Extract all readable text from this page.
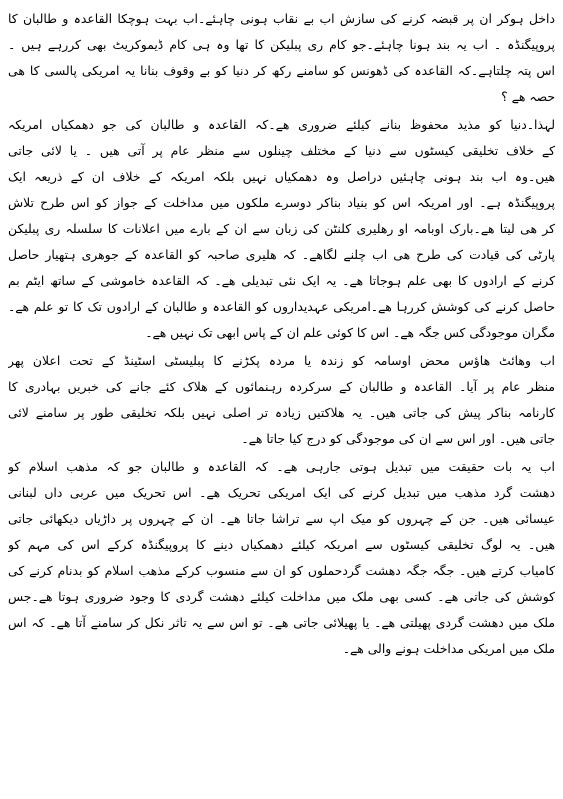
داخل ہوکر ان پر قبضہ کرنے کی سازش اب بے نقاب ہونی چاہئے۔اب بہت ہوچکا القاعدہ و طالبان کا
پروپیگنڈہ ۔ اب یہ بند ہونا چاہئے۔جو کام ری پبلیکن کا تھا وہ ہی کام ڈیموکریٹ بھی کررہے ہیں ۔
اس پتہ چلتاہے۔کہ القاعدہ کی ڈھونس کو سامنے رکھ کر دنیا کو بے وقوف بنانا یہ امریکی پالسی کا ھی
حصہ ھے ؟
لہذا۔دنیا کو مذید محفوظ بنانے کیلئے ضروری ھے۔کہ القاعدہ و طالبان کی جو دھمکیاں امریکہ
کے خلاف تخلیقی کیسٹوں سے دنیا کے مختلف چینلوں سے منظر عام پر آتی ھیں ۔ یا لائی جاتی
ھیں۔وہ اب بند ہونی چاہئیں دراصل وہ دھمکیاں نہیں بلکہ امریکہ کے خلاف ان کے ذریعہ ایک
پروپیگنڈہ ہے۔ اور امریکہ اس کو بنیاد بناکر دوسرے ملکوں میں مداخلت کے جواز کو اس طرح تلاش
کر ھی لیتا ھے۔بارک اوبامہ او رھلیری کلنٹن کی زبان سے ان کے بارے میں اعلانات کا سلسلہ ری پبلیکن
پارٹی کی قیادت کی طرح ھی اب چلنے لگاھے۔ کہ ھلیری صاحبہ کو القاعدہ کے جوھری ہتھیار حاصل
کرنے کے ارادوں کا بھی علم ہوجاتا ھے۔ یہ ایک نئی تبدیلی ھے۔ کہ القاعدہ خاموشی کے ساتھ ایٹم بم
حاصل کرنے کی کوشش کررہا ھے۔امریکی عہدیداروں کو القاعدہ و طالبان کے ارادوں تک کا تو علم ھے۔
مگران موجودگی کس جگہ ھے۔ اس کا کوئی علم ان کے پاس ابھی تک نہیں ھے۔
اب وھائٹ ھاؤس محض اوسامہ کو زندہ یا مردہ پکڑنے کا پبلیسٹی اسٹینڈ کے تحت اعلان پھر
منظر عام پر آیا۔ القاعدہ و طالبان کے سرکردہ رہنمائوں کے ھلاک کئے جانے کی خبریں بہادری کا
کارنامہ بناکر پیش کی جاتی ھیں۔ یہ ھلاکتیں زیادہ تر اصلی نہیں بلکہ تخلیقی طور پر سامنے لائی
جاتی ھیں۔ اور اس سے ان کی موجودگی کو درج کیا جاتا ھے۔
اب یہ بات حقیقت میں تبدیل ہوتی جارہی ھے۔ کہ القاعدہ و طالبان جو کہ مذھب اسلام کو
دھشت گرد مذھب میں تبدیل کرنے کی ایک امریکی تحریک ھے۔ اس تحریک میں عربی داں لبنانی
عیسائی ھیں۔ جن کے چہروں کو میک اپ سے تراشا جاتا ھے۔ ان کے چہروں پر داڑیاں دیکھائی جاتی
ھیں۔ یہ لوگ تخلیقی کیسٹوں سے امریکہ کیلئے دھمکیاں دینے کا پروپیگنڈہ کرکے اس کی مہم کو
کامیاب کرتے ھیں۔ جگہ جگہ دھشت گردحملوں کو ان سے منسوب کرکے مذھب اسلام کو بدنام کرنے کی
کوشش کی جاتی ھے۔ کسی بھی ملک میں مداخلت کیلئے دھشت گردی کا وجود ضروری ہوتا ھے۔جس
ملک میں دھشت گردی پھیلتی ھے۔ یا پھیلائی جاتی ھے۔ تو اس سے یہ تاثر نکل کر سامنے آتا ھے۔ کہ اس
ملک میں امریکی مداخلت ہونے والی ھے۔
